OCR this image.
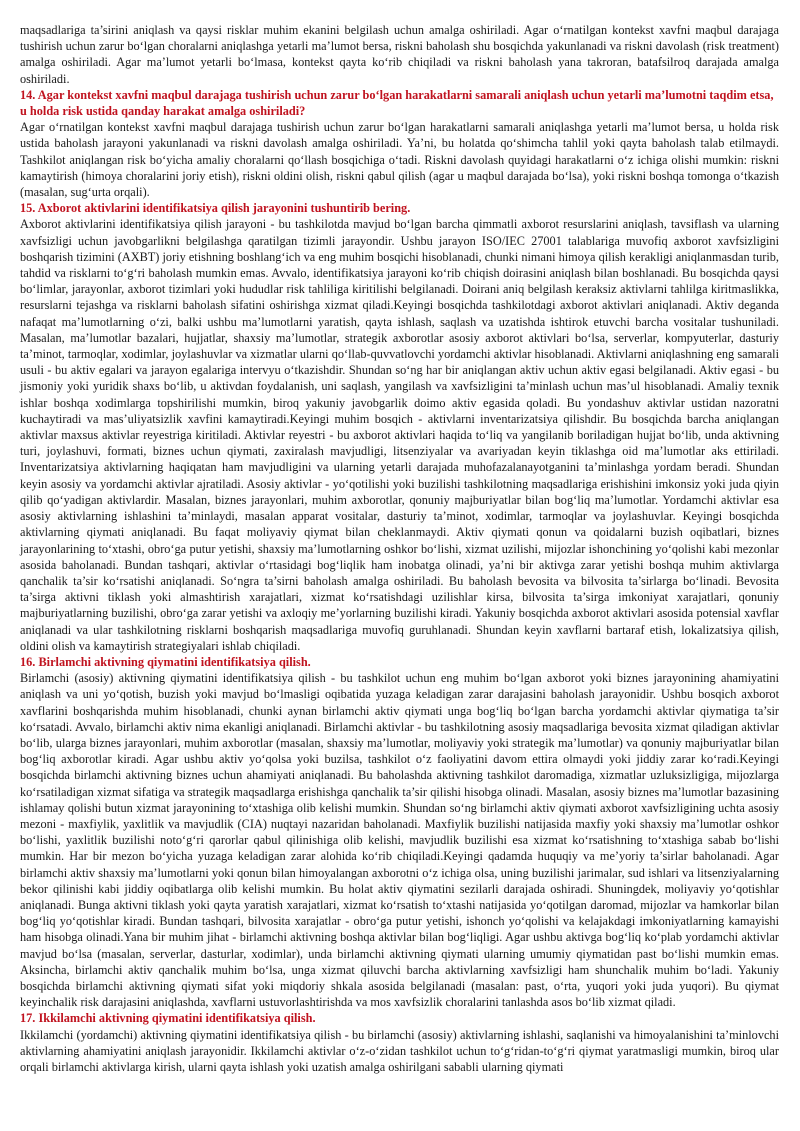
maqsadlariga ta’sirini aniqlash va qaysi risklar muhim ekanini belgilash uchun amalga oshiriladi. Agar oʻrnatilgan kontekst xavfni maqbul darajaga tushirish uchun zarur boʻlgan choralarni aniqlashga yetarli ma’lumot bersa, riskni baholash shu bosqichda yakunlanadi va riskni davolash (risk treatment) amalga oshiriladi. Agar ma’lumot yetarli boʻlmasa, kontekst qayta koʻrib chiqiladi va riskni baholash yana takroran, batafsilroq darajada amalga oshiriladi.

14. Agar kontekst xavfni maqbul darajaga tushirish uchun zarur boʻlgan harakatlarni samarali aniqlash uchun yetarli ma’lumotni taqdim etsa, u holda risk ustida qanday harakat amalga oshiriladi?

Agar oʻrnatilgan kontekst xavfni maqbul darajaga tushirish uchun zarur boʻlgan harakatlarni samarali aniqlashga yetarli ma’lumot bersa, u holda risk ustida baholash jarayoni yakunlanadi va riskni davolash amalga oshiriladi. Ya’ni, bu holatda qoʻshimcha tahlil yoki qayta baholash talab etilmaydi. Tashkilot aniqlangan risk boʻyicha amaliy choralarni qoʻllash bosqichiga oʻtadi. Riskni davolash quyidagi harakatlarni oʻz ichiga olishi mumkin: riskni kamaytirish (himoya choralarini joriy etish), riskni oldini olish, riskni qabul qilish (agar u maqbul darajada boʻlsa), yoki riskni boshqa tomonga oʻtkazish (masalan, sugʻurta orqali).

15. Axborot aktivlarini identifikatsiya qilish jarayonini tushuntirib bering.

Axborot aktivlarini identifikatsiya qilish jarayoni - bu tashkilotda mavjud boʻlgan barcha qimmatli axborot resurslarini aniqlash, tavsiflash va ularning xavfsizligi uchun javobgarlikni belgilashga qaratilgan tizimli jarayondir. Ushbu jarayon ISO/IEC 27001 talablariga muvofiq axborot xavfsizligini boshqarish tizimini (AXBT) joriy etishning boshlangʻich va eng muhim bosqichi hisoblanadi, chunki nimani himoya qilish kerakligi aniqlanmasdan turib, tahdid va risklarni toʻgʻri baholash mumkin emas. Avvalo, identifikatsiya jarayoni koʻrib chiqish doirasini aniqlash bilan boshlanadi. Bu bosqichda qaysi boʻlimlar, jarayonlar, axborot tizimlari yoki hududlar risk tahliliga kiritilishi belgilanadi. Doirani aniq belgilash keraksiz aktivlarni tahlilga kiritmaslikka, resurslarni tejashga va risklarni baholash sifatini oshirishga xizmat qiladi.Keyingi bosqichda tashkilotdagi axborot aktivlari aniqlanadi. Aktiv deganda nafaqat ma’lumotlarning oʻzi, balki ushbu ma’lumotlarni yaratish, qayta ishlash, saqlash va uzatishda ishtirok etuvchi barcha vositalar tushuniladi. Masalan, ma’lumotlar bazalari, hujjatlar, shaxsiy ma’lumotlar, strategik axborotlar asosiy axborot aktivlari boʻlsa, serverlar, kompyuterlar, dasturiy ta’minot, tarmoqlar, xodimlar, joylashuvlar va xizmatlar ularni qoʻllab-quvvatlovchi yordamchi aktivlar hisoblanadi. Aktivlarni aniqlashning eng samarali usuli - bu aktiv egalari va jarayon egalariga intervyu oʻtkazishdir. Shundan soʻng har bir aniqlangan aktiv uchun aktiv egasi belgilanadi. Aktiv egasi - bu jismoniy yoki yuridik shaxs boʻlib, u aktivdan foydalanish, uni saqlash, yangilash va xavfsizligini ta’minlash uchun mas’ul hisoblanadi. Amaliy texnik ishlar boshqa xodimlarga topshirilishi mumkin, biroq yakuniy javobgarlik doimo aktiv egasida qoladi. Bu yondashuv aktivlar ustidan nazoratni kuchaytiradi va mas’uliyatsizlik xavfini kamaytiradi.Keyingi muhim bosqich - aktivlarni inventarizatsiya qilishdir. Bu bosqichda barcha aniqlangan aktivlar maxsus aktivlar reyestriga kiritiladi. Aktivlar reyestri - bu axborot aktivlari haqida toʻliq va yangilanib boriladigan hujjat boʻlib, unda aktivning turi, joylashuvi, formati, biznes uchun qiymati, zaxiralash mavjudligi, litsenziyalar va avariyadan keyin tiklashga oid ma’lumotlar aks ettiriladi. Inventarizatsiya aktivlarning haqiqatan ham mavjudligini va ularning yetarli darajada muhofazalanayotganini ta’minlashga yordam beradi. Shundan keyin asosiy va yordamchi aktivlar ajratiladi. Asosiy aktivlar - yoʻqotilishi yoki buzilishi tashkilotning maqsadlariga erishishini imkonsiz yoki juda qiyin qilib qoʻyadigan aktivlardir. Masalan, biznes jarayonlari, muhim axborotlar, qonuniy majburiyatlar bilan bogʻliq ma’lumotlar. Yordamchi aktivlar esa asosiy aktivlarning ishlashini ta’minlaydi, masalan apparat vositalar, dasturiy ta’minot, xodimlar, tarmoqlar va joylashuvlar. Keyingi bosqichda aktivlarning qiymati aniqlanadi. Bu faqat moliyaviy qiymat bilan cheklanmaydi. Aktiv qiymati qonun va qoidalarni buzish oqibatlari, biznes jarayonlarining toʻxtashi, obroʻga putur yetishi, shaxsiy ma’lumotlarning oshkor boʻlishi, xizmat uzilishi, mijozlar ishonchining yoʻqolishi kabi mezonlar asosida baholanadi. Bundan tashqari, aktivlar oʻrtasidagi bogʻliqlik ham inobatga olinadi, ya’ni bir aktivga zarar yetishi boshqa muhim aktivlarga qanchalik ta’sir koʻrsatishi aniqlanadi. Soʻngra ta’sirni baholash amalga oshiriladi. Bu baholash bevosita va bilvosita ta’sirlarga boʻlinadi. Bevosita ta’sirga aktivni tiklash yoki almashtirish xarajatlari, xizmat koʻrsatishdagi uzilishlar kirsa, bilvosita ta’sirga imkoniyat xarajatlari, qonuniy majburiyatlarning buzilishi, obroʻga zarar yetishi va axloqiy me’yorlarning buzilishi kiradi. Yakuniy bosqichda axborot aktivlari asosida potensial xavflar aniqlanadi va ular tashkilotning risklarni boshqarish maqsadlariga muvofiq guruhlanadi. Shundan keyin xavflarni bartaraf etish, lokalizatsiya qilish, oldini olish va kamaytirish strategiyalari ishlab chiqiladi.

16. Birlamchi aktivning qiymatini identifikatsiya qilish.

Birlamchi (asosiy) aktivning qiymatini identifikatsiya qilish - bu tashkilot uchun eng muhim boʻlgan axborot yoki biznes jarayonining ahamiyatini aniqlash va uni yoʻqotish, buzish yoki mavjud boʻlmasligi oqibatida yuzaga keladigan zarar darajasini baholash jarayonidir. Ushbu bosqich axborot xavflarini boshqarishda muhim hisoblanadi, chunki aynan birlamchi aktiv qiymati unga bogʻliq boʻlgan barcha yordamchi aktivlar qiymatiga ta’sir koʻrsatadi. Avvalo, birlamchi aktiv nima ekanligi aniqlanadi. Birlamchi aktivlar - bu tashkilotning asosiy maqsadlariga bevosita xizmat qiladigan aktivlar boʻlib, ularga biznes jarayonlari, muhim axborotlar (masalan, shaxsiy ma’lumotlar, moliyaviy yoki strategik ma’lumotlar) va qonuniy majburiyatlar bilan bogʻliq axborotlar kiradi. Agar ushbu aktiv yoʻqolsa yoki buzilsa, tashkilot oʻz faoliyatini davom ettira olmaydi yoki jiddiy zarar koʻradi.Keyingi bosqichda birlamchi aktivning biznes uchun ahamiyati aniqlanadi. Bu baholashda aktivning tashkilot daromadiga, xizmatlar uzluksizligiga, mijozlarga koʻrsatiladigan xizmat sifatiga va strategik maqsadlarga erishishga qanchalik ta’sir qilishi hisobga olinadi. Masalan, asosiy biznes ma’lumotlar bazasining ishlamay qolishi butun xizmat jarayonining toʻxtashiga olib kelishi mumkin. Shundan soʻng birlamchi aktiv qiymati axborot xavfsizligining uchta asosiy mezoni - maxfiylik, yaxlitlik va mavjudlik (CIA) nuqtayi nazaridan baholanadi. Maxfiylik buzilishi natijasida maxfiy yoki shaxsiy ma’lumotlar oshkor boʻlishi, yaxlitlik buzilishi notoʻgʻri qarorlar qabul qilinishiga olib kelishi, mavjudlik buzilishi esa xizmat koʻrsatishning toʻxtashiga sabab boʻlishi mumkin. Har bir mezon boʻyicha yuzaga keladigan zarar alohida koʻrib chiqiladi.Keyingi qadamda huquqiy va me’yoriy ta’sirlar baholanadi. Agar birlamchi aktiv shaxsiy ma’lumotlarni yoki qonun bilan himoyalangan axborotni oʻz ichiga olsa, uning buzilishi jarimalar, sud ishlari va litsenziyalarning bekor qilinishi kabi jiddiy oqibatlarga olib kelishi mumkin. Bu holat aktiv qiymatini sezilarli darajada oshiradi. Shuningdek, moliyaviy yoʻqotishlar aniqlanadi. Bunga aktivni tiklash yoki qayta yaratish xarajatlari, xizmat koʻrsatish toʻxtashi natijasida yoʻqotilgan daromad, mijozlar va hamkorlar bilan bogʻliq yoʻqotishlar kiradi. Bundan tashqari, bilvosita xarajatlar - obroʻga putur yetishi, ishonch yoʻqolishi va kelajakdagi imkoniyatlarning kamayishi ham hisobga olinadi.Yana bir muhim jihat - birlamchi aktivning boshqa aktivlar bilan bogʻliqligi. Agar ushbu aktivga bogʻliq koʻplab yordamchi aktivlar mavjud boʻlsa (masalan, serverlar, dasturlar, xodimlar), unda birlamchi aktivning qiymati ularning umumiy qiymatidan past boʻlishi mumkin emas. Aksincha, birlamchi aktiv qanchalik muhim boʻlsa, unga xizmat qiluvchi barcha aktivlarning xavfsizligi ham shunchalik muhim boʻladi. Yakuniy bosqichda birlamchi aktivning qiymati sifat yoki miqdoriy shkala asosida belgilanadi (masalan: past, oʻrta, yuqori yoki juda yuqori). Bu qiymat keyinchalik risk darajasini aniqlashda, xavflarni ustuvorlashtirishda va mos xavfsizlik choralarini tanlashda asos boʻlib xizmat qiladi.

17. Ikkilamchi aktivning qiymatini identifikatsiya qilish.

Ikkilamchi (yordamchi) aktivning qiymatini identifikatsiya qilish - bu birlamchi (asosiy) aktivlarning ishlashi, saqlanishi va himoyalanishini ta’minlovchi aktivlarning ahamiyatini aniqlash jarayonidir. Ikkilamchi aktivlar oʻz-oʻzidan tashkilot uchun toʻgʻridan-toʻgʻri qiymat yaratmasligi mumkin, biroq ular orqali birlamchi aktivlarga kirish, ularni qayta ishlash yoki uzatish amalga oshirilgani sababli ularning qiymati
